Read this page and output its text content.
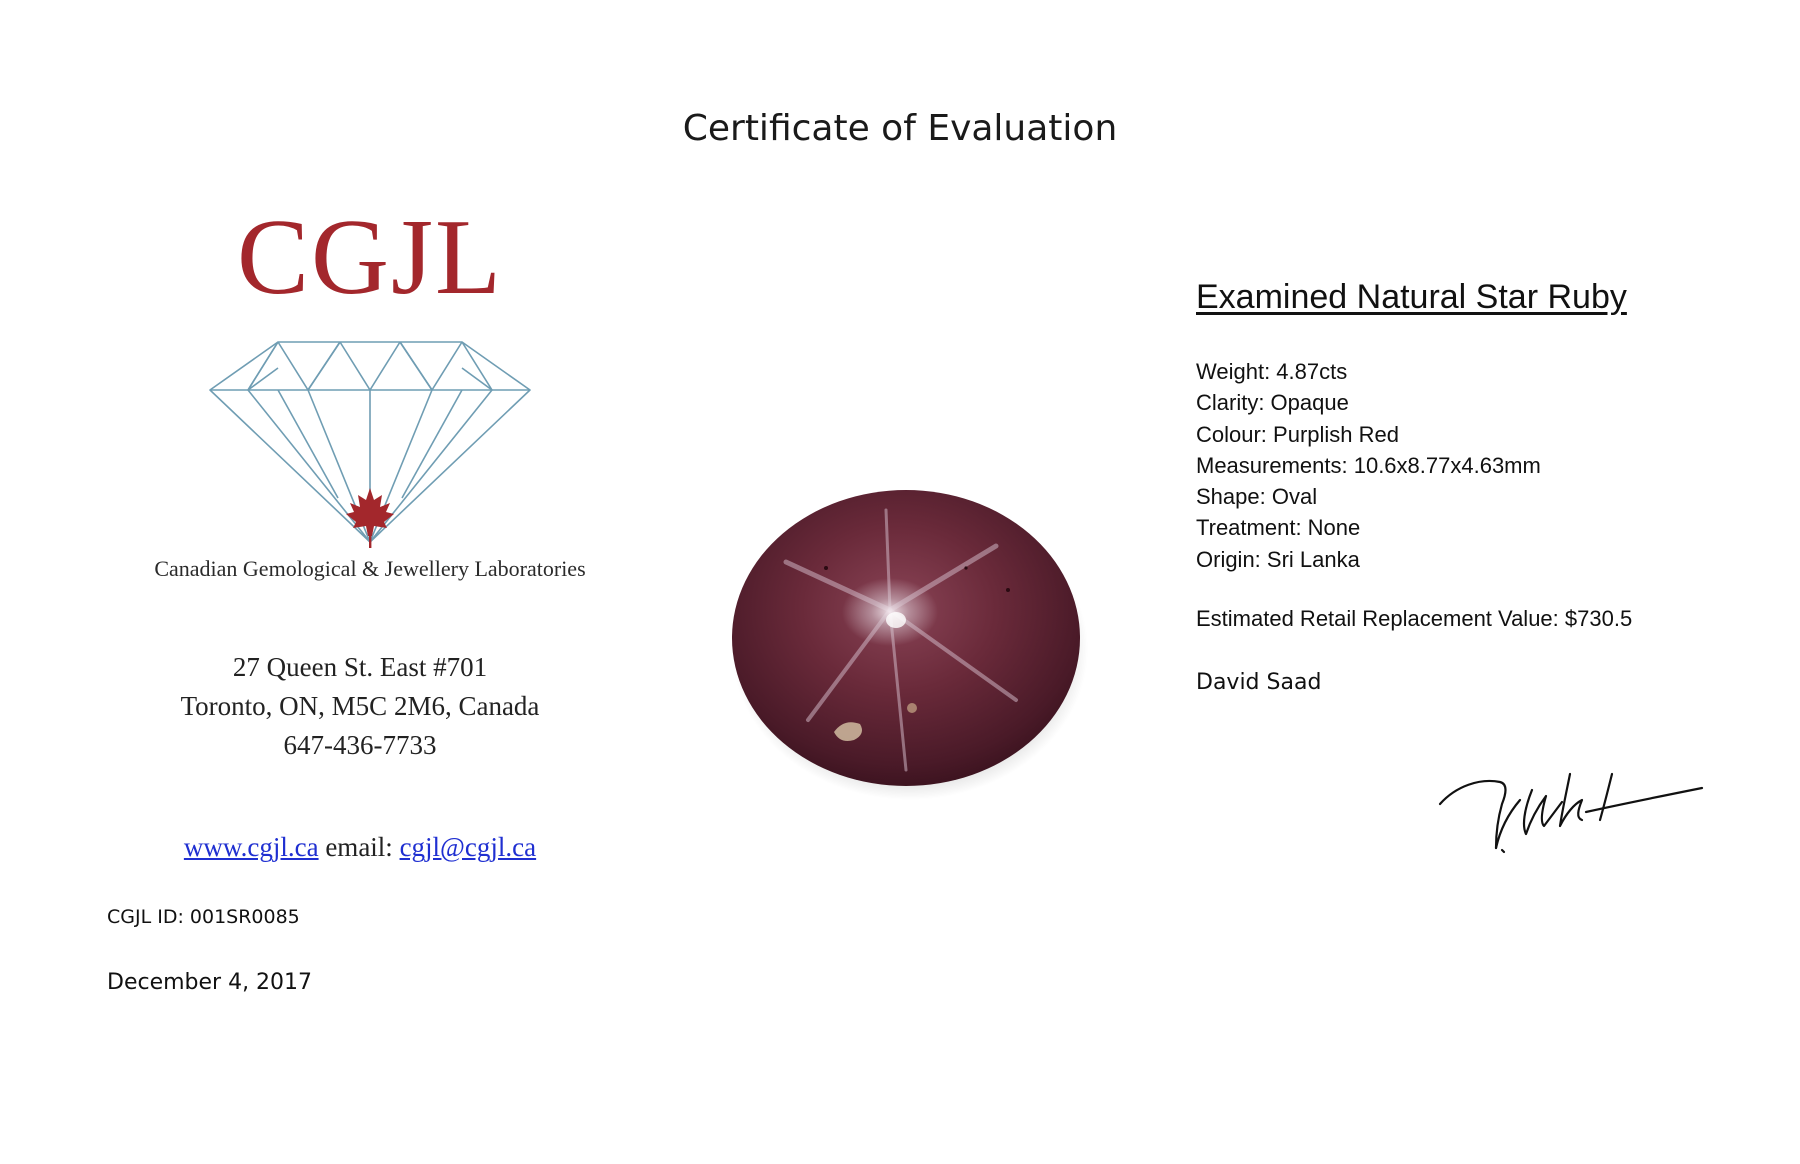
Certificate of Evaluation
CGJL
Canadian Gemological & Jewellery Laboratories
27 Queen St. East #701
Toronto, ON, M5C 2M6, Canada
647-436-7733
www.cgjl.ca email: cgjl@cgjl.ca
CGJL ID: 001SR0085
December 4, 2017
Examined Natural Star Ruby
Weight: 4.87cts
Clarity: Opaque
Colour: Purplish Red
Measurements: 10.6x8.77x4.63mm
Shape: Oval
Treatment: None
Origin: Sri Lanka
Estimated Retail Replacement Value: $730.5
David Saad
